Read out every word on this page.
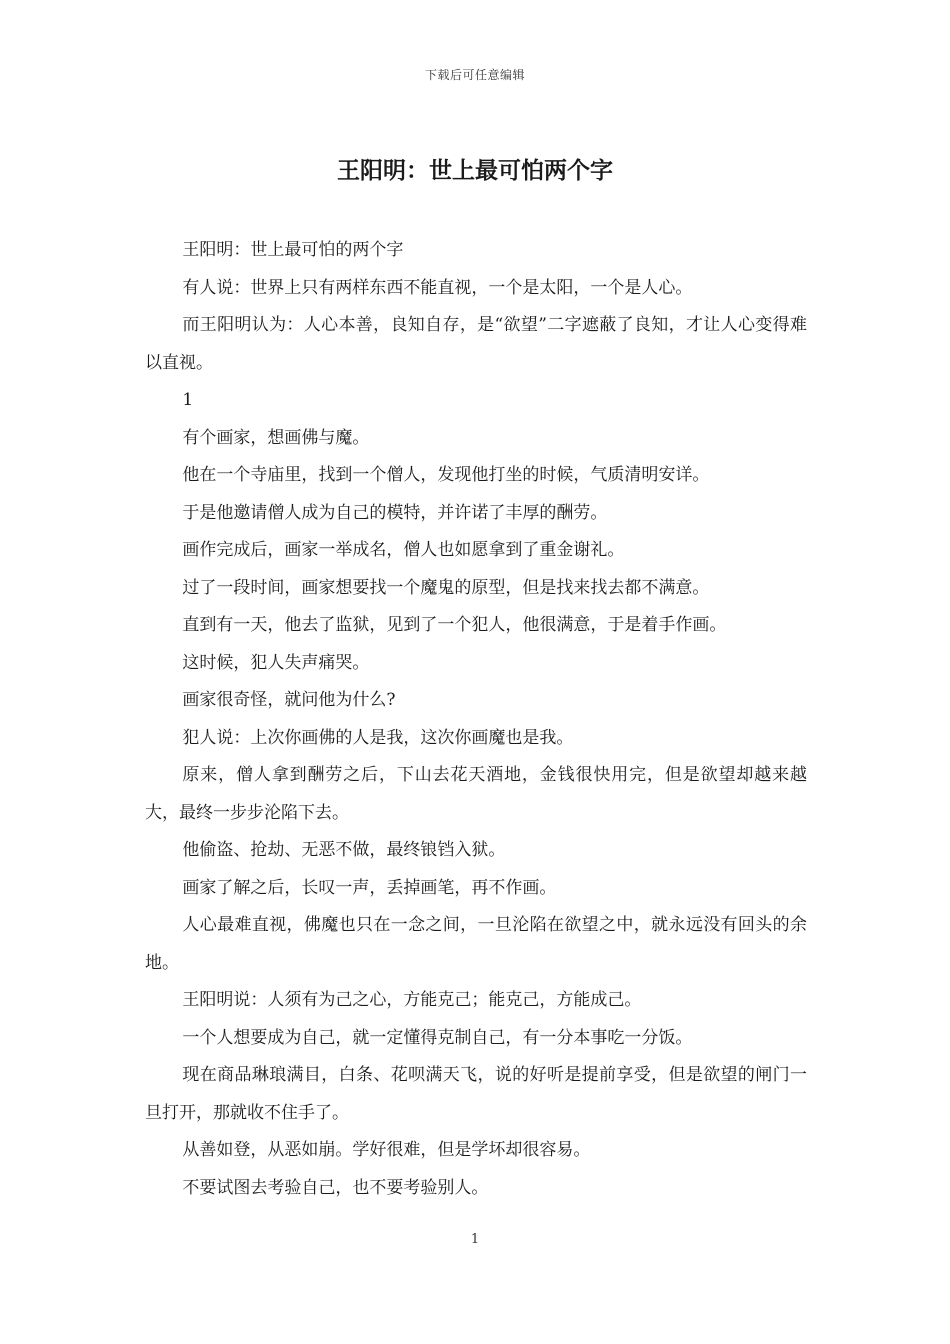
下载后可任意编辑
王阳明：世上最可怕两个字

王阳明：世上最可怕的两个字

有人说：世界上只有两样东西不能直视，一个是太阳，一个是人心。

而王阳明认为：人心本善，良知自存，是“欲望”二字遮蔽了良知，才让人心变得难以直视。

1

有个画家，想画佛与魔。

他在一个寺庙里，找到一个僧人，发现他打坐的时候，气质清明安详。

于是他邀请僧人成为自己的模特，并许诺了丰厚的酬劳。

画作完成后，画家一举成名，僧人也如愿拿到了重金谢礼。

过了一段时间，画家想要找一个魔鬼的原型，但是找来找去都不满意。

直到有一天，他去了监狱，见到了一个犯人，他很满意，于是着手作画。

这时候，犯人失声痛哭。

画家很奇怪，就问他为什么?

犯人说：上次你画佛的人是我，这次你画魔也是我。

原来，僧人拿到酬劳之后，下山去花天酒地，金钱很快用完，但是欲望却越来越大，最终一步步沦陷下去。

他偷盗、抢劫、无恶不做，最终锒铛入狱。

画家了解之后，长叹一声，丢掉画笔，再不作画。

人心最难直视，佛魔也只在一念之间，一旦沦陷在欲望之中，就永远没有回头的余地。

王阳明说：人须有为己之心，方能克己；能克己，方能成己。

一个人想要成为自己，就一定懂得克制自己，有一分本事吃一分饭。

现在商品琳琅满目，白条、花呗满天飞，说的好听是提前享受，但是欲望的闸门一旦打开，那就收不住手了。

从善如登，从恶如崩。学好很难，但是学坏却很容易。

不要试图去考验自己，也不要考验别人。

1
